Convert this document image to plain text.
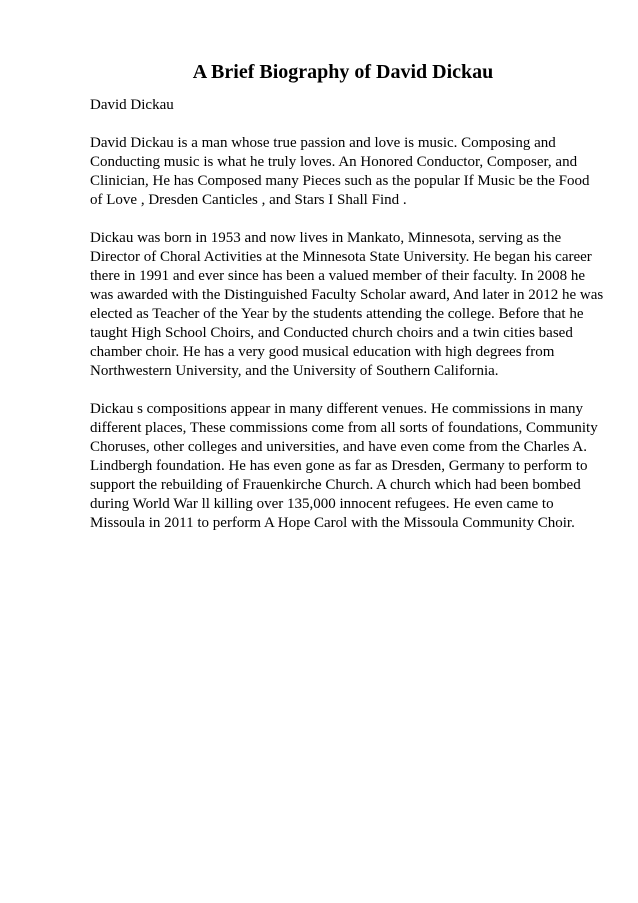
A Brief Biography of David Dickau
David Dickau
David Dickau is a man whose true passion and love is music. Composing and
Conducting music is what he truly loves. An Honored Conductor, Composer, and
Clinician, He has Composed many Pieces such as the popular If Music be the Food
of Love , Dresden Canticles , and Stars I Shall Find .
Dickau was born in 1953 and now lives in Mankato, Minnesota, serving as the
Director of Choral Activities at the Minnesota State University. He began his career
there in 1991 and ever since has been a valued member of their faculty. In 2008 he
was awarded with the Distinguished Faculty Scholar award, And later in 2012 he was
elected as Teacher of the Year by the students attending the college. Before that he
taught High School Choirs, and Conducted church choirs and a twin cities based
chamber choir. He has a very good musical education with high degrees from
Northwestern University, and the University of Southern California.
Dickau s compositions appear in many different venues. He commissions in many
different places, These commissions come from all sorts of foundations, Community
Choruses, other colleges and universities, and have even come from the Charles A.
Lindbergh foundation. He has even gone as far as Dresden, Germany to perform to
support the rebuilding of Frauenkirche Church. A church which had been bombed
during World War ll killing over 135,000 innocent refugees. He even came to
Missoula in 2011 to perform A Hope Carol with the Missoula Community Choir.
